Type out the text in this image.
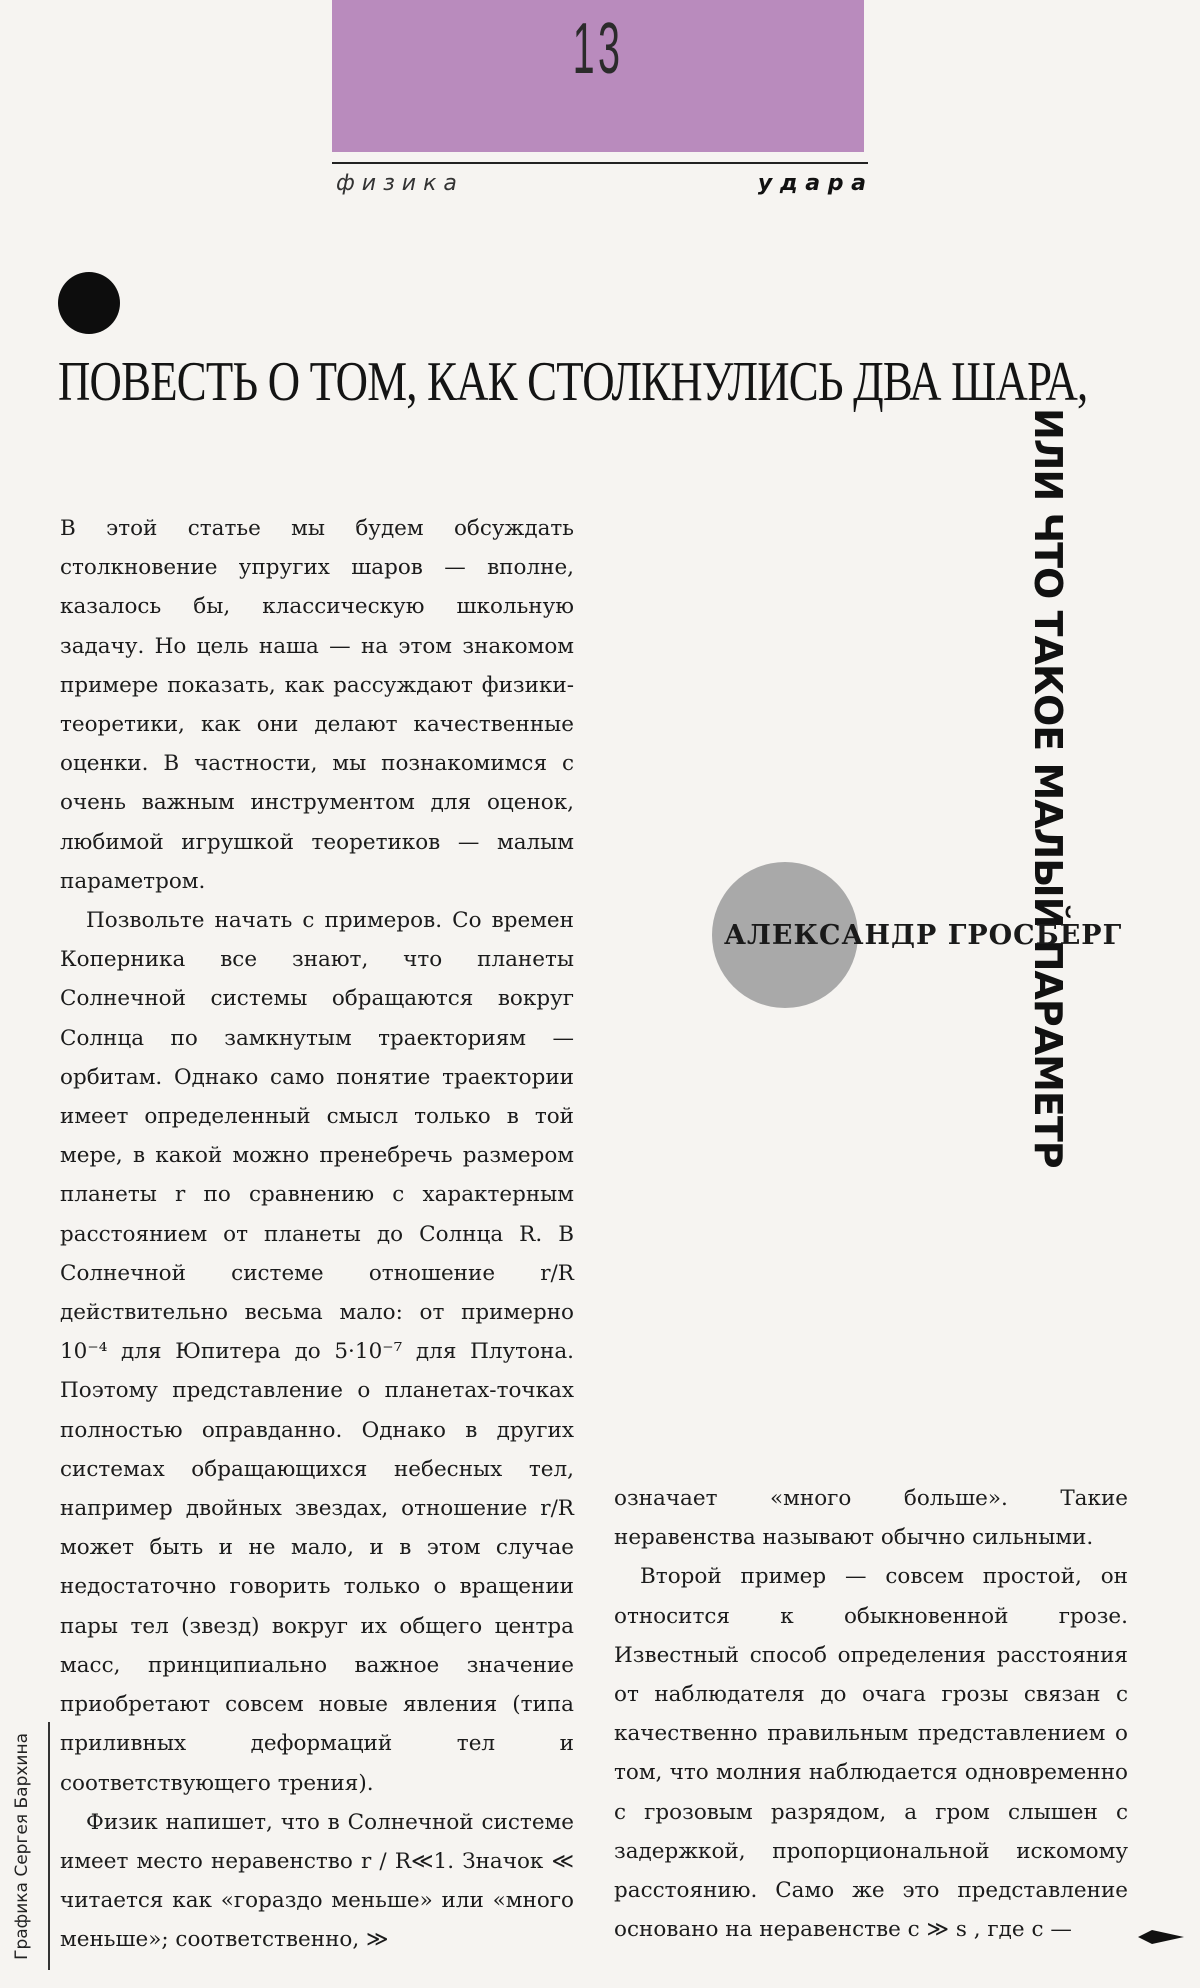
13
ф и з и к а	у д а р а
ПОВЕСТЬ О ТОМ, КАК СТОЛКНУЛИСЬ ДВА ШАРА,
ИЛИ ЧТО ТАКОЕ МАЛЫЙ ПАРАМЕТР
АЛЕКСАНДР ГРОСБЕРГ

В этой статье мы будем обсуждать столкновение упругих шаров — вполне, казалось бы, классическую школьную задачу. Но цель наша — на этом знакомом примере показать, как рассуждают физики-теоретики, как они делают качественные оценки. В частности, мы познакомимся с очень важным инструментом для оценок, любимой игрушкой теоретиков — малым параметром.

Позвольте начать с примеров. Со времен Коперника все знают, что планеты Солнечной системы обращаются вокруг Солнца по замкнутым траекториям — орбитам. Однако само понятие траектории имеет определенный смысл только в той мере, в какой можно пренебречь размером планеты r по сравнению с характерным расстоянием от планеты до Солнца R. В Солнечной системе отношение r/R действительно весьма мало: от примерно 10⁻⁴ для Юпитера до 5·10⁻⁷ для Плутона. Поэтому представление о планетах-точках полностью оправданно. Однако в других системах обращающихся небесных тел, например двойных звездах, отношение r/R может быть и не мало, и в этом случае недостаточно говорить только о вращении пары тел (звезд) вокруг их общего центра масс, принципиально важное значение приобретают совсем новые явления (типа приливных деформаций тел и соответствующего трения).

Физик напишет, что в Солнечной системе имеет место неравенство r / R≪1. Значок ≪ читается как «гораздо меньше» или «много меньше»; соответственно, ≫

означает «много больше». Такие неравенства называют обычно сильными.

Второй пример — совсем простой, он относится к обыкновенной грозе. Известный способ определения расстояния от наблюдателя до очага грозы связан с качественно правильным представлением о том, что молния наблюдается одновременно с грозовым разрядом, а гром слышен с задержкой, пропорциональной искомому расстоянию. Само же это представление основано на неравенстве c ≫ s , где c —

Графика Сергея Бархина
